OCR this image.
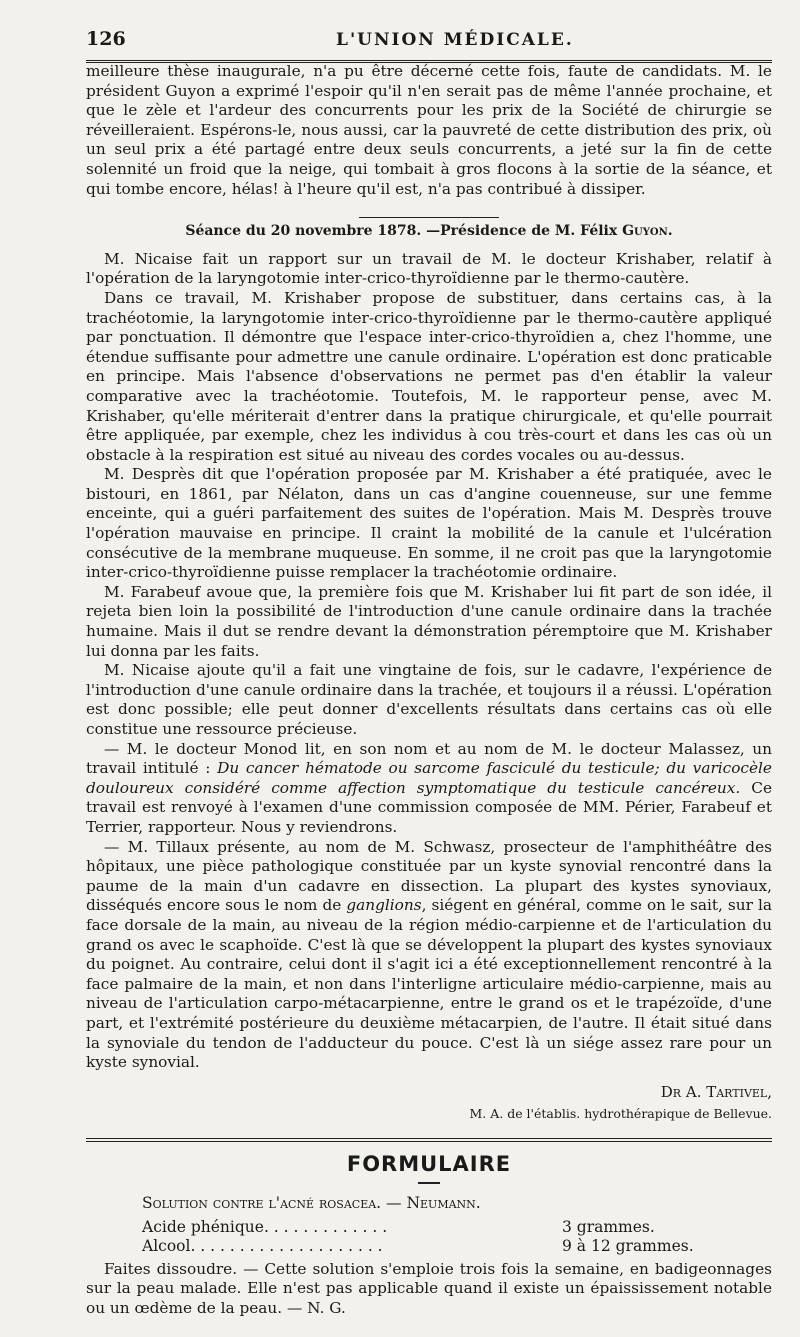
126	L'UNION MÉDICALE.

meilleure thèse inaugurale, n'a pu être décerné cette fois, faute de candidats. M. le président Guyon a exprimé l'espoir qu'il n'en serait pas de même l'année prochaine, et que le zèle et l'ardeur des concurrents pour les prix de la Société de chirurgie se réveilleraient. Espérons-le, nous aussi, car la pauvreté de cette distribution des prix, où un seul prix a été partagé entre deux seuls concurrents, a jeté sur la fin de cette solennité un froid que la neige, qui tombait à gros flocons à la sortie de la séance, et qui tombe encore, hélas! à l'heure qu'il est, n'a pas contribué à dissiper.

Séance du 20 novembre 1878. —Présidence de M. Félix Guyon.

M. Nicaise fait un rapport sur un travail de M. le docteur Krishaber, relatif à l'opération de la laryngotomie inter-crico-thyroïdienne par le thermo-cautère.

Dans ce travail, M. Krishaber propose de substituer, dans certains cas, à la trachéotomie, la laryngotomie inter-crico-thyroïdienne par le thermo-cautère appliqué par ponctuation. Il démontre que l'espace inter-crico-thyroïdien a, chez l'homme, une étendue suffisante pour admettre une canule ordinaire. L'opération est donc praticable en principe. Mais l'absence d'observations ne permet pas d'en établir la valeur comparative avec la trachéotomie. Toutefois, M. le rapporteur pense, avec M. Krishaber, qu'elle mériterait d'entrer dans la pratique chirurgicale, et qu'elle pourrait être appliquée, par exemple, chez les individus à cou très-court et dans les cas où un obstacle à la respiration est situé au niveau des cordes vocales ou au-dessus.

M. Desprès dit que l'opération proposée par M. Krishaber a été pratiquée, avec le bistouri, en 1861, par Nélaton, dans un cas d'angine couenneuse, sur une femme enceinte, qui a guéri parfaitement des suites de l'opération. Mais M. Desprès trouve l'opération mauvaise en principe. Il craint la mobilité de la canule et l'ulcération consécutive de la membrane muqueuse. En somme, il ne croit pas que la laryngotomie inter-crico-thyroïdienne puisse remplacer la trachéotomie ordinaire.

M. Farabeuf avoue que, la première fois que M. Krishaber lui fit part de son idée, il rejeta bien loin la possibilité de l'introduction d'une canule ordinaire dans la trachée humaine. Mais il dut se rendre devant la démonstration péremptoire que M. Krishaber lui donna par les faits.

M. Nicaise ajoute qu'il a fait une vingtaine de fois, sur le cadavre, l'expérience de l'introduction d'une canule ordinaire dans la trachée, et toujours il a réussi. L'opération est donc possible; elle peut donner d'excellents résultats dans certains cas où elle constitue une ressource précieuse.

— M. le docteur Monod lit, en son nom et au nom de M. le docteur Malassez, un travail intitulé : Du cancer hématode ou sarcome fasciculé du testicule; du varicocèle douloureux considéré comme affection symptomatique du testicule cancéreux. Ce travail est renvoyé à l'examen d'une commission composée de MM. Périer, Farabeuf et Terrier, rapporteur. Nous y reviendrons.

— M. Tillaux présente, au nom de M. Schwasz, prosecteur de l'amphithéâtre des hôpitaux, une pièce pathologique constituée par un kyste synovial rencontré dans la paume de la main d'un cadavre en dissection. La plupart des kystes synoviaux, disséqués encore sous le nom de ganglions, siégent en général, comme on le sait, sur la face dorsale de la main, au niveau de la région médio-carpienne et de l'articulation du grand os avec le scaphoïde. C'est là que se développent la plupart des kystes synoviaux du poignet. Au contraire, celui dont il s'agit ici a été exceptionnellement rencontré à la face palmaire de la main, et non dans l'interligne articulaire médio-carpienne, mais au niveau de l'articulation carpo-métacarpienne, entre le grand os et le trapézoïde, d'une part, et l'extrémité postérieure du deuxième métacarpien, de l'autre. Il était situé dans la synoviale du tendon de l'adducteur du pouce. C'est là un siége assez rare pour un kyste synovial.

Dr A. Tartivel,
M. A. de l'établis. hydrothérapique de Bellevue.
FORMULAIRE
Solution contre l'acné rosacea. — Neumann.
Acide phénique. . . . . . . . . . . . .	3 grammes.
Alcool. . . . . . . . . . . . . . . . . . . .	9 à 12 grammes.

Faites dissoudre. — Cette solution s'emploie trois fois la semaine, en badigeonnages sur la peau malade. Elle n'est pas applicable quand il existe un épaississement notable ou un œdème de la peau. — N. G.
